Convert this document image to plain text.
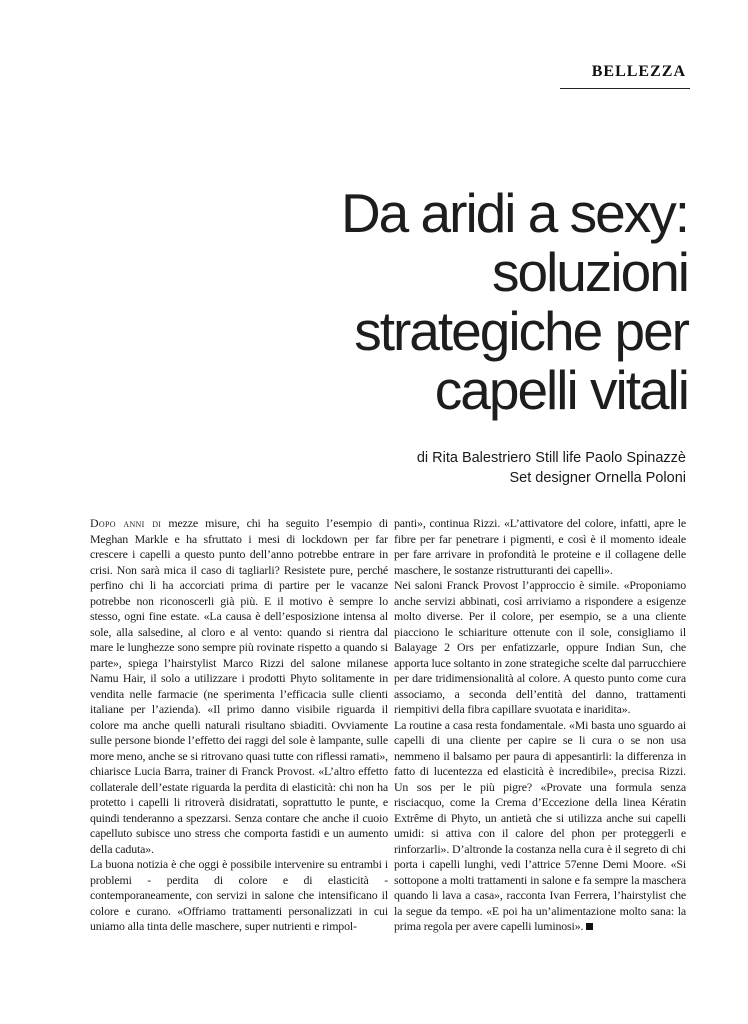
BELLEZZA
Da aridi a sexy:
soluzioni
strategiche per
capelli vitali
di Rita Balestriero Still life Paolo Spinazzè
Set designer Ornella Poloni

Dopo anni di mezze misure, chi ha seguito l’esempio di Meghan Markle e ha sfruttato i mesi di lockdown per far crescere i capelli a questo punto dell’anno potrebbe entrare in crisi. Non sarà mica il caso di tagliarli? Resistete pure, perché perfino chi li ha accorciati prima di partire per le vacanze potrebbe non riconoscerli già più. E il motivo è sempre lo stesso, ogni fine estate. «La causa è dell’esposizione intensa al sole, alla salsedine, al cloro e al vento: quando si rientra dal mare le lunghezze sono sempre più rovinate rispetto a quando si parte», spiega l’hairstylist Marco Rizzi del salone milanese Namu Hair, il solo a utilizzare i prodotti Phyto solitamente in vendita nelle farmacie (ne sperimenta l’efficacia sulle clienti italiane per l’azienda). «Il primo danno visibile riguarda il colore ma anche quelli naturali risultano sbiaditi. Ovviamente sulle persone bionde l’effetto dei raggi del sole è lampante, sulle more meno, anche se si ritrovano quasi tutte con riflessi ramati», chiarisce Lucia Barra, trainer di Franck Provost. «L’altro effetto collaterale dell’estate riguarda la perdita di elasticità: chi non ha protetto i capelli li ritroverà disidratati, soprattutto le punte, e quindi tenderanno a spezzarsi. Senza contare che anche il cuoio capelluto subisce uno stress che comporta fastidi e un aumento della caduta».

La buona notizia è che oggi è possibile intervenire su entrambi i problemi - perdita di colore e di elasticità - contemporaneamente, con servizi in salone che intensificano il colore e curano. «Offriamo trattamenti personalizzati in cui uniamo alla tinta delle maschere, super nutrienti e rimpol-

panti», continua Rizzi. «L’attivatore del colore, infatti, apre le fibre per far penetrare i pigmenti, e così è il momento ideale per fare arrivare in profondità le proteine e il collagene delle maschere, le sostanze ristrutturanti dei capelli».

Nei saloni Franck Provost l’approccio è simile. «Proponiamo anche servizi abbinati, così arriviamo a rispondere a esigenze molto diverse. Per il colore, per esempio, se a una cliente piacciono le schiariture ottenute con il sole, consigliamo il Balayage 2 Ors per enfatizzarle, oppure Indian Sun, che apporta luce soltanto in zone strategiche scelte dal parrucchiere per dare tridimensionalità al colore. A questo punto come cura associamo, a seconda dell’entità del danno, trattamenti riempitivi della fibra capillare svuotata e inaridita».

La routine a casa resta fondamentale. «Mi basta uno sguardo ai capelli di una cliente per capire se li cura o se non usa nemmeno il balsamo per paura di appesantirli: la differenza in fatto di lucentezza ed elasticità è incredibile», precisa Rizzi. Un sos per le più pigre? «Provate una formula senza risciacquo, come la Crema d’Eccezione della linea Kératin Extrême di Phyto, un antietà che si utilizza anche sui capelli umidi: si attiva con il calore del phon per proteggerli e rinforzarli». D’altronde la costanza nella cura è il segreto di chi porta i capelli lunghi, vedi l’attrice 57enne Demi Moore. «Si sottopone a molti trattamenti in salone e fa sempre la maschera quando li lava a casa», racconta Ivan Ferrera, l’hairstylist che la segue da tempo. «E poi ha un’alimentazione molto sana: la prima regola per avere capelli luminosi».
